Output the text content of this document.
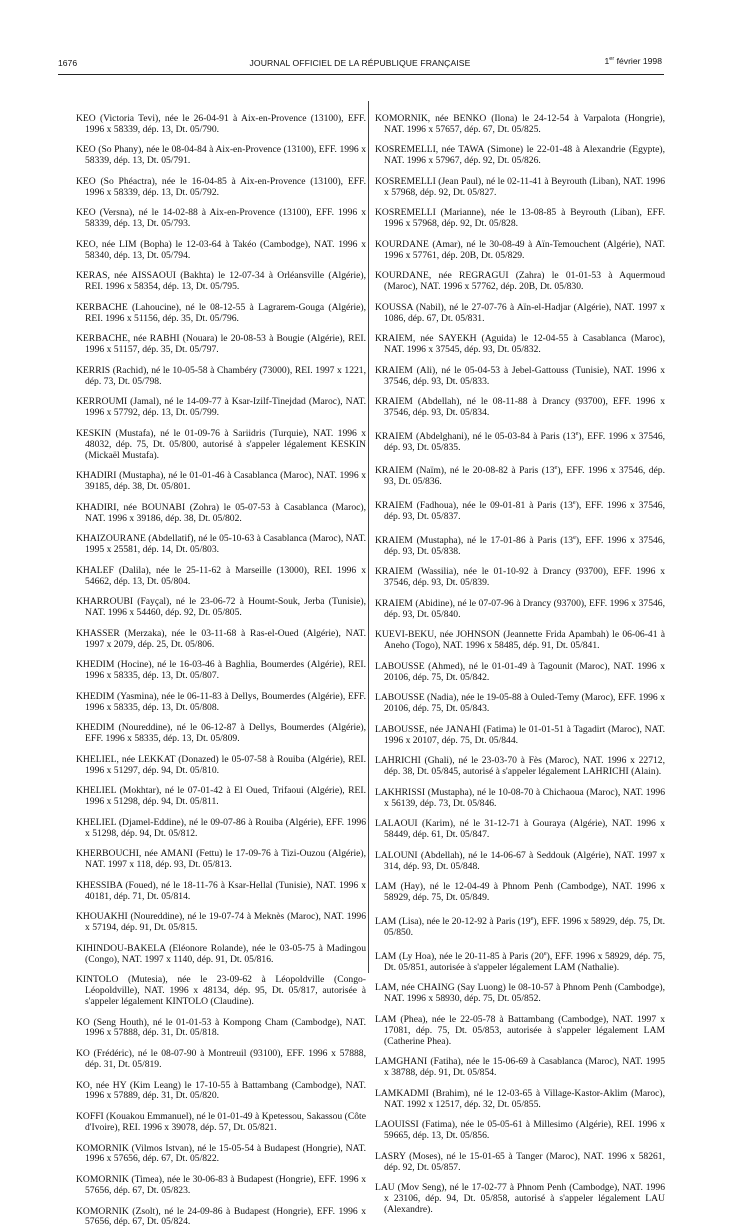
1676	JOURNAL OFFICIEL DE LA RÉPUBLIQUE FRANÇAISE	1er février 1998

KEO (Victoria Tevi), née le 26-04-91 à Aix-en-Provence (13100), EFF. 1996 x 58339, dép. 13, Dt. 05/790.

KEO (So Phany), née le 08-04-84 à Aix-en-Provence (13100), EFF. 1996 x 58339, dép. 13, Dt. 05/791.

KEO (So Phéactra), née le 16-04-85 à Aix-en-Provence (13100), EFF. 1996 x 58339, dép. 13, Dt. 05/792.

KEO (Versna), né le 14-02-88 à Aix-en-Provence (13100), EFF. 1996 x 58339, dép. 13, Dt. 05/793.

KEO, née LIM (Bopha) le 12-03-64 à Takéo (Cambodge), NAT. 1996 x 58340, dép. 13, Dt. 05/794.

KERAS, née AISSAOUI (Bakhta) le 12-07-34 à Orléansville (Algérie), REI. 1996 x 58354, dép. 13, Dt. 05/795.

KERBACHE (Lahoucine), né le 08-12-55 à Lagrarem-Gouga (Algérie), REI. 1996 x 51156, dép. 35, Dt. 05/796.

KERBACHE, née RABHI (Nouara) le 20-08-53 à Bougie (Algérie), REI. 1996 x 51157, dép. 35, Dt. 05/797.

KERRIS (Rachid), né le 10-05-58 à Chambéry (73000), REI. 1997 x 1221, dép. 73, Dt. 05/798.

KERROUMI (Jamal), né le 14-09-77 à Ksar-Izilf-Tinejdad (Maroc), NAT. 1996 x 57792, dép. 13, Dt. 05/799.

KESKIN (Mustafa), né le 01-09-76 à Sariidris (Turquie), NAT. 1996 x 48032, dép. 75, Dt. 05/800, autorisé à s'appeler légalement KESKIN (Mickaël Mustafa).

KHADIRI (Mustapha), né le 01-01-46 à Casablanca (Maroc), NAT. 1996 x 39185, dép. 38, Dt. 05/801.

KHADIRI, née BOUNABI (Zohra) le 05-07-53 à Casablanca (Maroc), NAT. 1996 x 39186, dép. 38, Dt. 05/802.

KHAIZOURANE (Abdellatif), né le 05-10-63 à Casablanca (Maroc), NAT. 1995 x 25581, dép. 14, Dt. 05/803.

KHALEF (Dalila), née le 25-11-62 à Marseille (13000), REI. 1996 x 54662, dép. 13, Dt. 05/804.

KHARROUBI (Fayçal), né le 23-06-72 à Houmt-Souk, Jerba (Tunisie), NAT. 1996 x 54460, dép. 92, Dt. 05/805.

KHASSER (Merzaka), née le 03-11-68 à Ras-el-Oued (Algérie), NAT. 1997 x 2079, dép. 25, Dt. 05/806.

KHEDIM (Hocine), né le 16-03-46 à Baghlia, Boumerdes (Algérie), REI. 1996 x 58335, dép. 13, Dt. 05/807.

KHEDIM (Yasmina), née le 06-11-83 à Dellys, Boumerdes (Algérie), EFF. 1996 x 58335, dép. 13, Dt. 05/808.

KHEDIM (Noureddine), né le 06-12-87 à Dellys, Boumerdes (Algérie), EFF. 1996 x 58335, dép. 13, Dt. 05/809.

KHELIEL, née LEKKAT (Donazed) le 05-07-58 à Rouiba (Algérie), REI. 1996 x 51297, dép. 94, Dt. 05/810.

KHELIEL (Mokhtar), né le 07-01-42 à El Oued, Trifaoui (Algérie), REI. 1996 x 51298, dép. 94, Dt. 05/811.

KHELIEL (Djamel-Eddine), né le 09-07-86 à Rouiba (Algérie), EFF. 1996 x 51298, dép. 94, Dt. 05/812.

KHERBOUCHI, née AMANI (Fettu) le 17-09-76 à Tizi-Ouzou (Algérie), NAT. 1997 x 118, dép. 93, Dt. 05/813.

KHESSIBA (Foued), né le 18-11-76 à Ksar-Hellal (Tunisie), NAT. 1996 x 40181, dép. 71, Dt. 05/814.

KHOUAKHI (Noureddine), né le 19-07-74 à Meknès (Maroc), NAT. 1996 x 57194, dép. 91, Dt. 05/815.

KIHINDOU-BAKELA (Eléonore Rolande), née le 03-05-75 à Madingou (Congo), NAT. 1997 x 1140, dép. 91, Dt. 05/816.

KINTOLO (Mutesia), née le 23-09-62 à Léopoldville (Congo-Léopoldville), NAT. 1996 x 48134, dép. 95, Dt. 05/817, autorisée à s'appeler légalement KINTOLO (Claudine).

KO (Seng Houth), né le 01-01-53 à Kompong Cham (Cambodge), NAT. 1996 x 57888, dép. 31, Dt. 05/818.

KO (Frédéric), né le 08-07-90 à Montreuil (93100), EFF. 1996 x 57888, dép. 31, Dt. 05/819.

KO, née HY (Kim Leang) le 17-10-55 à Battambang (Cambodge), NAT. 1996 x 57889, dép. 31, Dt. 05/820.

KOFFI (Kouakou Emmanuel), né le 01-01-49 à Kpetessou, Sakassou (Côte d'Ivoire), REI. 1996 x 39078, dép. 57, Dt. 05/821.

KOMORNIK (Vilmos Istvan), né le 15-05-54 à Budapest (Hongrie), NAT. 1996 x 57656, dép. 67, Dt. 05/822.

KOMORNIK (Timea), née le 30-06-83 à Budapest (Hongrie), EFF. 1996 x 57656, dép. 67, Dt. 05/823.

KOMORNIK (Zsolt), né le 24-09-86 à Budapest (Hongrie), EFF. 1996 x 57656, dép. 67, Dt. 05/824.

KOMORNIK, née BENKO (Ilona) le 24-12-54 à Varpalota (Hongrie), NAT. 1996 x 57657, dép. 67, Dt. 05/825.

KOSREMELLI, née TAWA (Simone) le 22-01-48 à Alexandrie (Egypte), NAT. 1996 x 57967, dép. 92, Dt. 05/826.

KOSREMELLI (Jean Paul), né le 02-11-41 à Beyrouth (Liban), NAT. 1996 x 57968, dép. 92, Dt. 05/827.

KOSREMELLI (Marianne), née le 13-08-85 à Beyrouth (Liban), EFF. 1996 x 57968, dép. 92, Dt. 05/828.

KOURDANE (Amar), né le 30-08-49 à Aïn-Temouchent (Algérie), NAT. 1996 x 57761, dép. 20B, Dt. 05/829.

KOURDANE, née REGRAGUI (Zahra) le 01-01-53 à Aquermoud (Maroc), NAT. 1996 x 57762, dép. 20B, Dt. 05/830.

KOUSSA (Nabil), né le 27-07-76 à Aïn-el-Hadjar (Algérie), NAT. 1997 x 1086, dép. 67, Dt. 05/831.

KRAIEM, née SAYEKH (Aguida) le 12-04-55 à Casablanca (Maroc), NAT. 1996 x 37545, dép. 93, Dt. 05/832.

KRAIEM (Ali), né le 05-04-53 à Jebel-Gattouss (Tunisie), NAT. 1996 x 37546, dép. 93, Dt. 05/833.

KRAIEM (Abdellah), né le 08-11-88 à Drancy (93700), EFF. 1996 x 37546, dép. 93, Dt. 05/834.

KRAIEM (Abdelghani), né le 05-03-84 à Paris (13e), EFF. 1996 x 37546, dép. 93, Dt. 05/835.

KRAIEM (Naïm), né le 20-08-82 à Paris (13e), EFF. 1996 x 37546, dép. 93, Dt. 05/836.

KRAIEM (Fadhoua), née le 09-01-81 à Paris (13e), EFF. 1996 x 37546, dép. 93, Dt. 05/837.

KRAIEM (Mustapha), né le 17-01-86 à Paris (13e), EFF. 1996 x 37546, dép. 93, Dt. 05/838.

KRAIEM (Wassilia), née le 01-10-92 à Drancy (93700), EFF. 1996 x 37546, dép. 93, Dt. 05/839.

KRAIEM (Abidine), né le 07-07-96 à Drancy (93700), EFF. 1996 x 37546, dép. 93, Dt. 05/840.

KUEVI-BEKU, née JOHNSON (Jeannette Frida Apambah) le 06-06-41 à Aneho (Togo), NAT. 1996 x 58485, dép. 91, Dt. 05/841.

LABOUSSE (Ahmed), né le 01-01-49 à Tagounit (Maroc), NAT. 1996 x 20106, dép. 75, Dt. 05/842.

LABOUSSE (Nadia), née le 19-05-88 à Ouled-Temy (Maroc), EFF. 1996 x 20106, dép. 75, Dt. 05/843.

LABOUSSE, née JANAHI (Fatima) le 01-01-51 à Tagadirt (Maroc), NAT. 1996 x 20107, dép. 75, Dt. 05/844.

LAHRICHI (Ghali), né le 23-03-70 à Fès (Maroc), NAT. 1996 x 22712, dép. 38, Dt. 05/845, autorisé à s'appeler légalement LAHRICHI (Alain).

LAKHRISSI (Mustapha), né le 10-08-70 à Chichaoua (Maroc), NAT. 1996 x 56139, dép. 73, Dt. 05/846.

LALAOUI (Karim), né le 31-12-71 à Gouraya (Algérie), NAT. 1996 x 58449, dép. 61, Dt. 05/847.

LALOUNI (Abdellah), né le 14-06-67 à Seddouk (Algérie), NAT. 1997 x 314, dép. 93, Dt. 05/848.

LAM (Hay), né le 12-04-49 à Phnom Penh (Cambodge), NAT. 1996 x 58929, dép. 75, Dt. 05/849.

LAM (Lisa), née le 20-12-92 à Paris (19e), EFF. 1996 x 58929, dép. 75, Dt. 05/850.

LAM (Ly Hoa), née le 20-11-85 à Paris (20e), EFF. 1996 x 58929, dép. 75, Dt. 05/851, autorisée à s'appeler légalement LAM (Nathalie).

LAM, née CHAING (Say Luong) le 08-10-57 à Phnom Penh (Cambodge), NAT. 1996 x 58930, dép. 75, Dt. 05/852.

LAM (Phea), née le 22-05-78 à Battambang (Cambodge), NAT. 1997 x 17081, dép. 75, Dt. 05/853, autorisée à s'appeler légalement LAM (Catherine Phea).

LAMGHANI (Fatiha), née le 15-06-69 à Casablanca (Maroc), NAT. 1995 x 38788, dép. 91, Dt. 05/854.

LAMKADMI (Brahim), né le 12-03-65 à Village-Kastor-Aklim (Maroc), NAT. 1992 x 12517, dép. 32, Dt. 05/855.

LAOUISSI (Fatima), née le 05-05-61 à Millesimo (Algérie), REI. 1996 x 59665, dép. 13, Dt. 05/856.

LASRY (Moses), né le 15-01-65 à Tanger (Maroc), NAT. 1996 x 58261, dép. 92, Dt. 05/857.

LAU (Mov Seng), né le 17-02-77 à Phnom Penh (Cambodge), NAT. 1996 x 23106, dép. 94, Dt. 05/858, autorisé à s'appeler légalement LAU (Alexandre).
